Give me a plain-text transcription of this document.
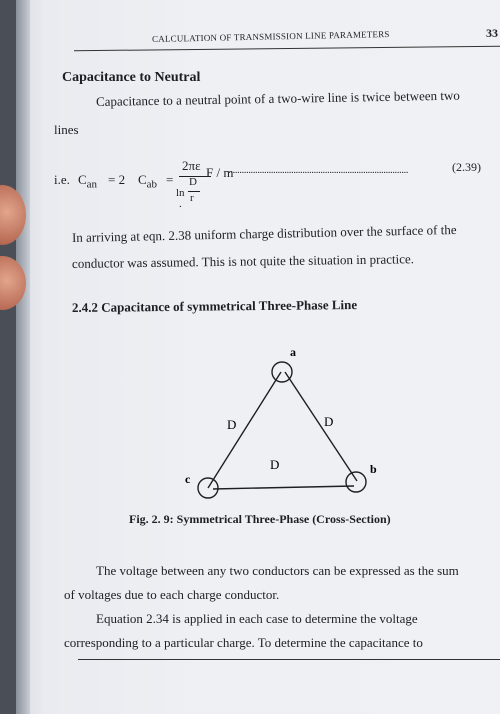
CALCULATION OF TRANSMISSION LINE PARAMETERS	33
Capacitance to Neutral
Capacitance to a neutral point of a two-wire line is twice between two
lines
i.e. $C_{an} = 2$ $C_{ab}$ =
2πε
D
ln r
.
F / m
................................................................................	(2.39)
In arriving at eqn. 2.38 uniform charge distribution over the surface of the
conductor was assumed. This is not quite the situation in practice.
2.4.2 Capacitance of symmetrical Three-Phase Line
a
b
c
D	D
D
Fig. 2. 9: Symmetrical Three-Phase (Cross-Section)
The voltage between any two conductors can be expressed as the sum
of voltages due to each charge conductor.
Equation 2.34 is applied in each case to determine the voltage
corresponding to a particular charge. To determine the capacitance to
